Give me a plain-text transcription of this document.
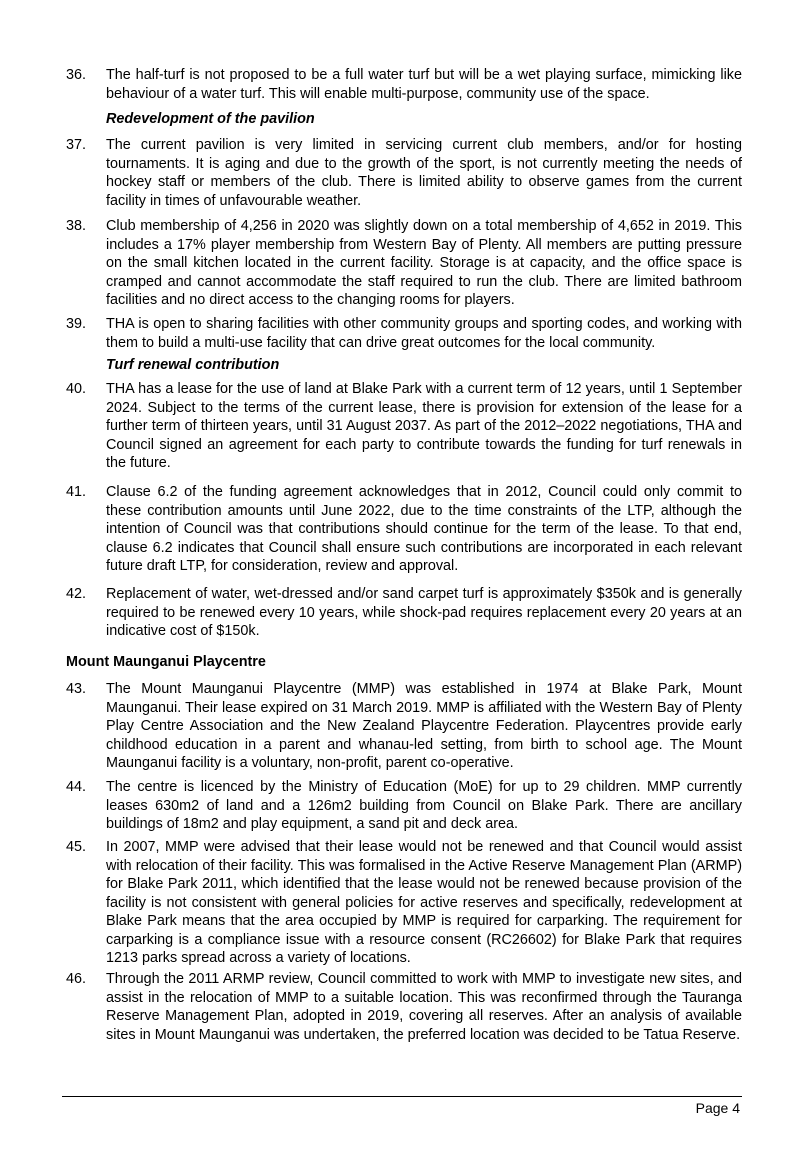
36.	The half-turf is not proposed to be a full water turf but will be a wet playing surface, mimicking like behaviour of a water turf. This will enable multi-purpose, community use of the space.
Redevelopment of the pavilion
37.	The current pavilion is very limited in servicing current club members, and/or for hosting tournaments. It is aging and due to the growth of the sport, is not currently meeting the needs of hockey staff or members of the club. There is limited ability to observe games from the current facility in times of unfavourable weather.
38.	Club membership of 4,256 in 2020 was slightly down on a total membership of 4,652 in 2019. This includes a 17% player membership from Western Bay of Plenty. All members are putting pressure on the small kitchen located in the current facility. Storage is at capacity, and the office space is cramped and cannot accommodate the staff required to run the club. There are limited bathroom facilities and no direct access to the changing rooms for players.
39.	THA is open to sharing facilities with other community groups and sporting codes, and working with them to build a multi-use facility that can drive great outcomes for the local community.
Turf renewal contribution
40.	THA has a lease for the use of land at Blake Park with a current term of 12 years, until 1 September 2024. Subject to the terms of the current lease, there is provision for extension of the lease for a further term of thirteen years, until 31 August 2037. As part of the 2012–2022 negotiations, THA and Council signed an agreement for each party to contribute towards the funding for turf renewals in the future.
41.	Clause 6.2 of the funding agreement acknowledges that in 2012, Council could only commit to these contribution amounts until June 2022, due to the time constraints of the LTP, although the intention of Council was that contributions should continue for the term of the lease. To that end, clause 6.2 indicates that Council shall ensure such contributions are incorporated in each relevant future draft LTP, for consideration, review and approval.
42.	Replacement of water, wet-dressed and/or sand carpet turf is approximately $350k and is generally required to be renewed every 10 years, while shock-pad requires replacement every 20 years at an indicative cost of $150k.
Mount Maunganui Playcentre
43.	The Mount Maunganui Playcentre (MMP) was established in 1974 at Blake Park, Mount Maunganui. Their lease expired on 31 March 2019. MMP is affiliated with the Western Bay of Plenty Play Centre Association and the New Zealand Playcentre Federation. Playcentres provide early childhood education in a parent and whanau-led setting, from birth to school age. The Mount Maunganui facility is a voluntary, non-profit, parent co-operative.
44.	The centre is licenced by the Ministry of Education (MoE) for up to 29 children. MMP currently leases 630m2 of land and a 126m2 building from Council on Blake Park. There are ancillary buildings of 18m2 and play equipment, a sand pit and deck area.
45.	In 2007, MMP were advised that their lease would not be renewed and that Council would assist with relocation of their facility. This was formalised in the Active Reserve Management Plan (ARMP) for Blake Park 2011, which identified that the lease would not be renewed because provision of the facility is not consistent with general policies for active reserves and specifically, redevelopment at Blake Park means that the area occupied by MMP is required for carparking. The requirement for carparking is a compliance issue with a resource consent (RC26602) for Blake Park that requires 1213 parks spread across a variety of locations.
46.	Through the 2011 ARMP review, Council committed to work with MMP to investigate new sites, and assist in the relocation of MMP to a suitable location. This was reconfirmed through the Tauranga Reserve Management Plan, adopted in 2019, covering all reserves. After an analysis of available sites in Mount Maunganui was undertaken, the preferred location was decided to be Tatua Reserve.
Page 4
